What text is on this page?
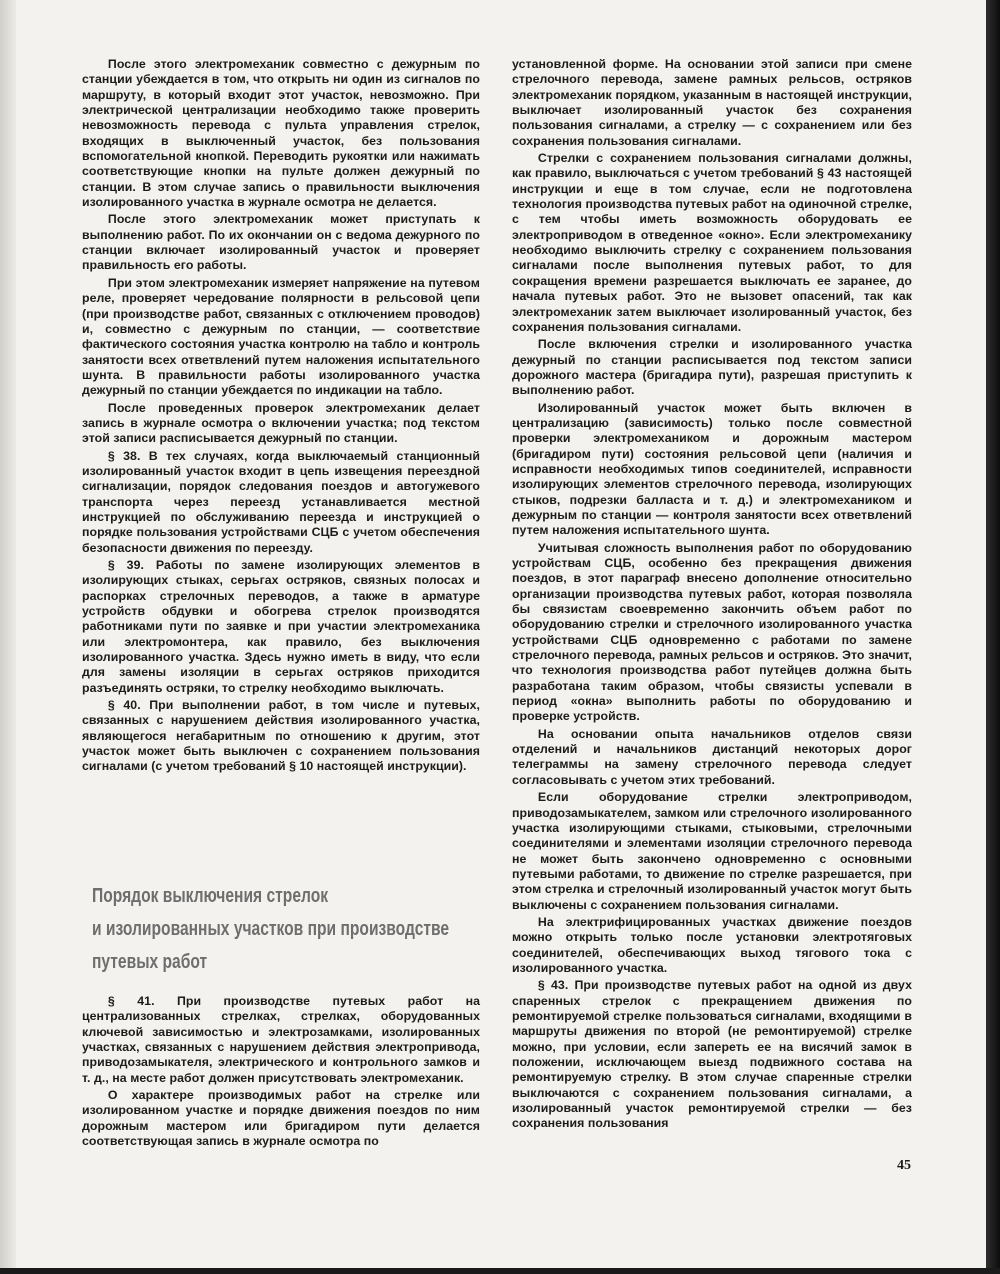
После этого электромеханик совместно с дежурным по станции убеждается в том, что открыть ни один из сигналов по маршруту, в который входит этот участок, невозможно. При электрической централизации необходимо также проверить невозможность перевода с пульта управления стрелок, входящих в выключенный участок, без пользования вспомогательной кнопкой. Переводить рукоятки или нажимать соответствующие кнопки на пульте должен дежурный по станции. В этом случае запись о правильности выключения изолированного участка в журнале осмотра не делается.

После этого электромеханик может приступать к выполнению работ. По их окончании он с ведома дежурного по станции включает изолированный участок и проверяет правильность его работы.

При этом электромеханик измеряет напряжение на путевом реле, проверяет чередование полярности в рельсовой цепи (при производстве работ, связанных с отключением проводов) и, совместно с дежурным по станции, — соответствие фактического состояния участка контролю на табло и контроль занятости всех ответвлений путем наложения испытательного шунта. В правильности работы изолированного участка дежурный по станции убеждается по индикации на табло.

После проведенных проверок электромеханик делает запись в журнале осмотра о включении участка; под текстом этой записи расписывается дежурный по станции.

§ 38. В тех случаях, когда выключаемый станционный изолированный участок входит в цепь извещения переездной сигнализации, порядок следования поездов и автогужевого транспорта через переезд устанавливается местной инструкцией по обслуживанию переезда и инструкцией о порядке пользования устройствами СЦБ с учетом обеспечения безопасности движения по переезду.

§ 39. Работы по замене изолирующих элементов в изолирующих стыках, серьгах остряков, связных полосах и распорках стрелочных переводов, а также в арматуре устройств обдувки и обогрева стрелок производятся работниками пути по заявке и при участии электромеханика или электромонтера, как правило, без выключения изолированного участка. Здесь нужно иметь в виду, что если для замены изоляции в серьгах остряков приходится разъединять остряки, то стрелку необходимо выключать.

§ 40. При выполнении работ, в том числе и путевых, связанных с нарушением действия изолированного участка, являющегося негабаритным по отношению к другим, этот участок может быть выключен с сохранением пользования сигналами (с учетом требований § 10 настоящей инструкции).

Порядок выключения стрелок
и изолированных участков при производстве
путевых работ

§ 41. При производстве путевых работ на централизованных стрелках, стрелках, оборудованных ключевой зависимостью и электрозамками, изолированных участках, связанных с нарушением действия электропривода, приводозамыкателя, электрического и контрольного замков и т. д., на месте работ должен присутствовать электромеханик.

О характере производимых работ на стрелке или изолированном участке и порядке движения поездов по ним дорожным мастером или бригадиром пути делается соответствующая запись в журнале осмотра по

установленной форме. На основании этой записи при смене стрелочного перевода, замене рамных рельсов, остряков электромеханик порядком, указанным в настоящей инструкции, выключает изолированный участок без сохранения пользования сигналами, а стрелку — с сохранением или без сохранения пользования сигналами.

Стрелки с сохранением пользования сигналами должны, как правило, выключаться с учетом требований § 43 настоящей инструкции и еще в том случае, если не подготовлена технология производства путевых работ на одиночной стрелке, с тем чтобы иметь возможность оборудовать ее электроприводом в отведенное «окно». Если электромеханику необходимо выключить стрелку с сохранением пользования сигналами после выполнения путевых работ, то для сокращения времени разрешается выключать ее заранее, до начала путевых работ. Это не вызовет опасений, так как электромеханик затем выключает изолированный участок, без сохранения пользования сигналами.

После включения стрелки и изолированного участка дежурный по станции расписывается под текстом записи дорожного мастера (бригадира пути), разрешая приступить к выполнению работ.

Изолированный участок может быть включен в централизацию (зависимость) только после совместной проверки электромехаником и дорожным мастером (бригадиром пути) состояния рельсовой цепи (наличия и исправности необходимых типов соединителей, исправности изолирующих элементов стрелочного перевода, изолирующих стыков, подрезки балласта и т. д.) и электромехаником и дежурным по станции — контроля занятости всех ответвлений путем наложения испытательного шунта.

Учитывая сложность выполнения работ по оборудованию устройствам СЦБ, особенно без прекращения движения поездов, в этот параграф внесено дополнение относительно организации производства путевых работ, которая позволяла бы связистам своевременно закончить объем работ по оборудованию стрелки и стрелочного изолированного участка устройствами СЦБ одновременно с работами по замене стрелочного перевода, рамных рельсов и остряков. Это значит, что технология производства работ путейцев должна быть разработана таким образом, чтобы связисты успевали в период «окна» выполнить работы по оборудованию и проверке устройств.

На основании опыта начальников отделов связи отделений и начальников дистанций некоторых дорог телеграммы на замену стрелочного перевода следует согласовывать с учетом этих требований.

Если оборудование стрелки электроприводом, приводозамыкателем, замком или стрелочного изолированного участка изолирующими стыками, стыковыми, стрелочными соединителями и элементами изоляции стрелочного перевода не может быть закончено одновременно с основными путевыми работами, то движение по стрелке разрешается, при этом стрелка и стрелочный изолированный участок могут быть выключены с сохранением пользования сигналами.

На электрифицированных участках движение поездов можно открыть только после установки электротяговых соединителей, обеспечивающих выход тягового тока с изолированного участка.

§ 43. При производстве путевых работ на одной из двух спаренных стрелок с прекращением движения по ремонтируемой стрелке пользоваться сигналами, входящими в маршруты движения по второй (не ремонтируемой) стрелке можно, при условии, если запереть ее на висячий замок в положении, исключающем выезд подвижного состава на ремонтируемую стрелку. В этом случае спаренные стрелки выключаются с сохранением пользования сигналами, а изолированный участок ремонтируемой стрелки — без сохранения пользования

45
